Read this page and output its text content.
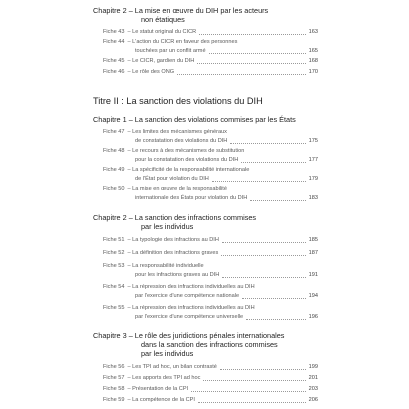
Chapitre 2 – La mise en œuvre du DIH par les acteurs
non étatiques
Fiche 43 – Le statut original du CICR	163
Fiche 44 – L'action du CICR en faveur des personnes
touchées par un conflit armé	165
Fiche 45 – Le CICR, gardien du DIH	168
Fiche 46 – Le rôle des ONG	170
Titre II : La sanction des violations du DIH
Chapitre 1 – La sanction des violations commises par les États
Fiche 47 – Les limites des mécanismes généraux
de constatation des violations du DIH	175
Fiche 48 – Le recours à des mécanismes de substitution
pour la constatation des violations du DIH	177
Fiche 49 – La spécificité de la responsabilité internationale
de l'État pour violation du DIH	179
Fiche 50 – La mise en œuvre de la responsabilité
internationale des États pour violation du DIH	183
Chapitre 2 – La sanction des infractions commises
par les individus
Fiche 51 – La typologie des infractions au DIH	185
Fiche 52 – La définition des infractions graves	187
Fiche 53 – La responsabilité individuelle
pour les infractions graves au DIH	191
Fiche 54 – La répression des infractions individuelles au DIH
par l'exercice d'une compétence nationale	194
Fiche 55 – La répression des infractions individuelles au DIH
par l'exercice d'une compétence universelle	196
Chapitre 3 – Le rôle des juridictions pénales internationales
dans la sanction des infractions commises
par les individus
Fiche 56 – Les TPI ad hoc, un bilan contrasté	199
Fiche 57 – Les apports des TPI ad hoc	201
Fiche 58 – Présentation de la CPI	203
Fiche 59 – La compétence de la CPI	206
